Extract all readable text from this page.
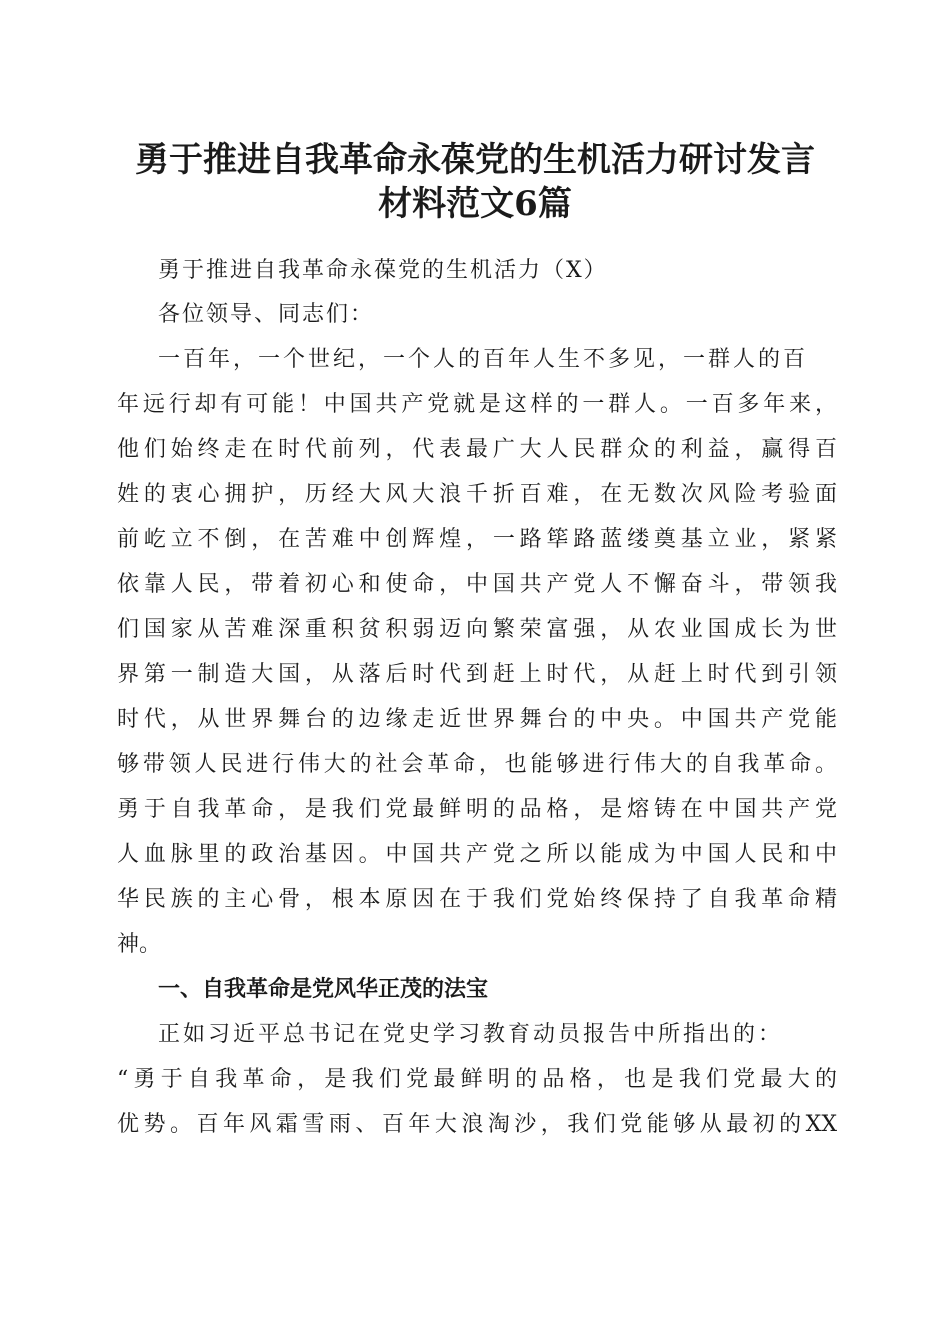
勇于推进自我革命永葆党的生机活力研讨发言
材料范文6篇
勇于推进自我革命永葆党的生机活力（X）
各位领导、同志们：
一百年，一个世纪，一个人的百年人生不多见，一群人的百
年远行却有可能！中国共产党就是这样的一群人。一百多年来，
他们始终走在时代前列，代表最广大人民群众的利益，赢得百
姓的衷心拥护，历经大风大浪千折百难，在无数次风险考验面
前屹立不倒，在苦难中创辉煌，一路筚路蓝缕奠基立业，紧紧
依靠人民，带着初心和使命，中国共产党人不懈奋斗，带领我
们国家从苦难深重积贫积弱迈向繁荣富强，从农业国成长为世
界第一制造大国，从落后时代到赶上时代，从赶上时代到引领
时代，从世界舞台的边缘走近世界舞台的中央。中国共产党能
够带领人民进行伟大的社会革命，也能够进行伟大的自我革命。
勇于自我革命，是我们党最鲜明的品格，是熔铸在中国共产党
人血脉里的政治基因。中国共产党之所以能成为中国人民和中
华民族的主心骨，根本原因在于我们党始终保持了自我革命精
神。
一、自我革命是党风华正茂的法宝
正如习近平总书记在党史学习教育动员报告中所指出的：
“勇于自我革命，是我们党最鲜明的品格，也是我们党最大的
优势。百年风霜雪雨、百年大浪淘沙，我们党能够从最初的XX
